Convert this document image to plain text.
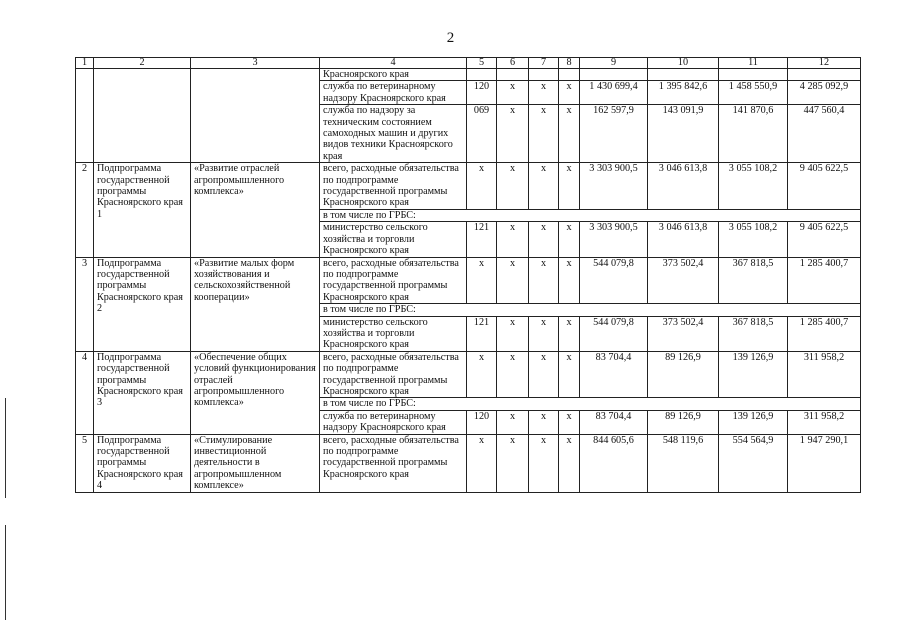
2
1	2	3	4	5	6	7	8	9	10	11	12
			Красноярского края								
			служба по ветеринарному надзору Красноярского края	120	х	х	х	1 430 699,4	1 395 842,6	1 458 550,9	4 285 092,9
			служба по надзору за техническим состоянием самоходных машин и других видов техники Красноярского края	069	х	х	х	162 597,9	143 091,9	141 870,6	447 560,4
2	Подпрограмма государственной программы Красноярского края 1	«Развитие отраслей агропромышленного комплекса»	всего, расходные обязательства по подпрограмме государственной программы Красноярского края	х	х	х	х	3 303 900,5	3 046 613,8	3 055 108,2	9 405 622,5
			в том числе по ГРБС:								
			министерство сельского хозяйства и торговли Красноярского края	121	х	х	х	3 303 900,5	3 046 613,8	3 055 108,2	9 405 622,5
3	Подпрограмма государственной программы Красноярского края 2	«Развитие малых форм хозяйствования и сельскохозяйственной кооперации»	всего, расходные обязательства по подпрограмме государственной программы Красноярского края	х	х	х	х	544 079,8	373 502,4	367 818,5	1 285 400,7
			в том числе по ГРБС:								
			министерство сельского хозяйства и торговли Красноярского края	121	х	х	х	544 079,8	373 502,4	367 818,5	1 285 400,7
4	Подпрограмма государственной программы Красноярского края 3	«Обеспечение общих условий функционирования отраслей агропромышленного комплекса»	всего, расходные обязательства по подпрограмме государственной программы Красноярского края	х	х	х	х	83 704,4	89 126,9	139 126,9	311 958,2
			в том числе по ГРБС:								
			служба по ветеринарному надзору Красноярского края	120	х	х	х	83 704,4	89 126,9	139 126,9	311 958,2
5	Подпрограмма государственной программы Красноярского края 4	«Стимулирование инвестиционной деятельности в агропромышленном комплексе»	всего, расходные обязательства по подпрограмме государственной программы Красноярского края	х	х	х	х	844 605,6	548 119,6	554 564,9	1 947 290,1
